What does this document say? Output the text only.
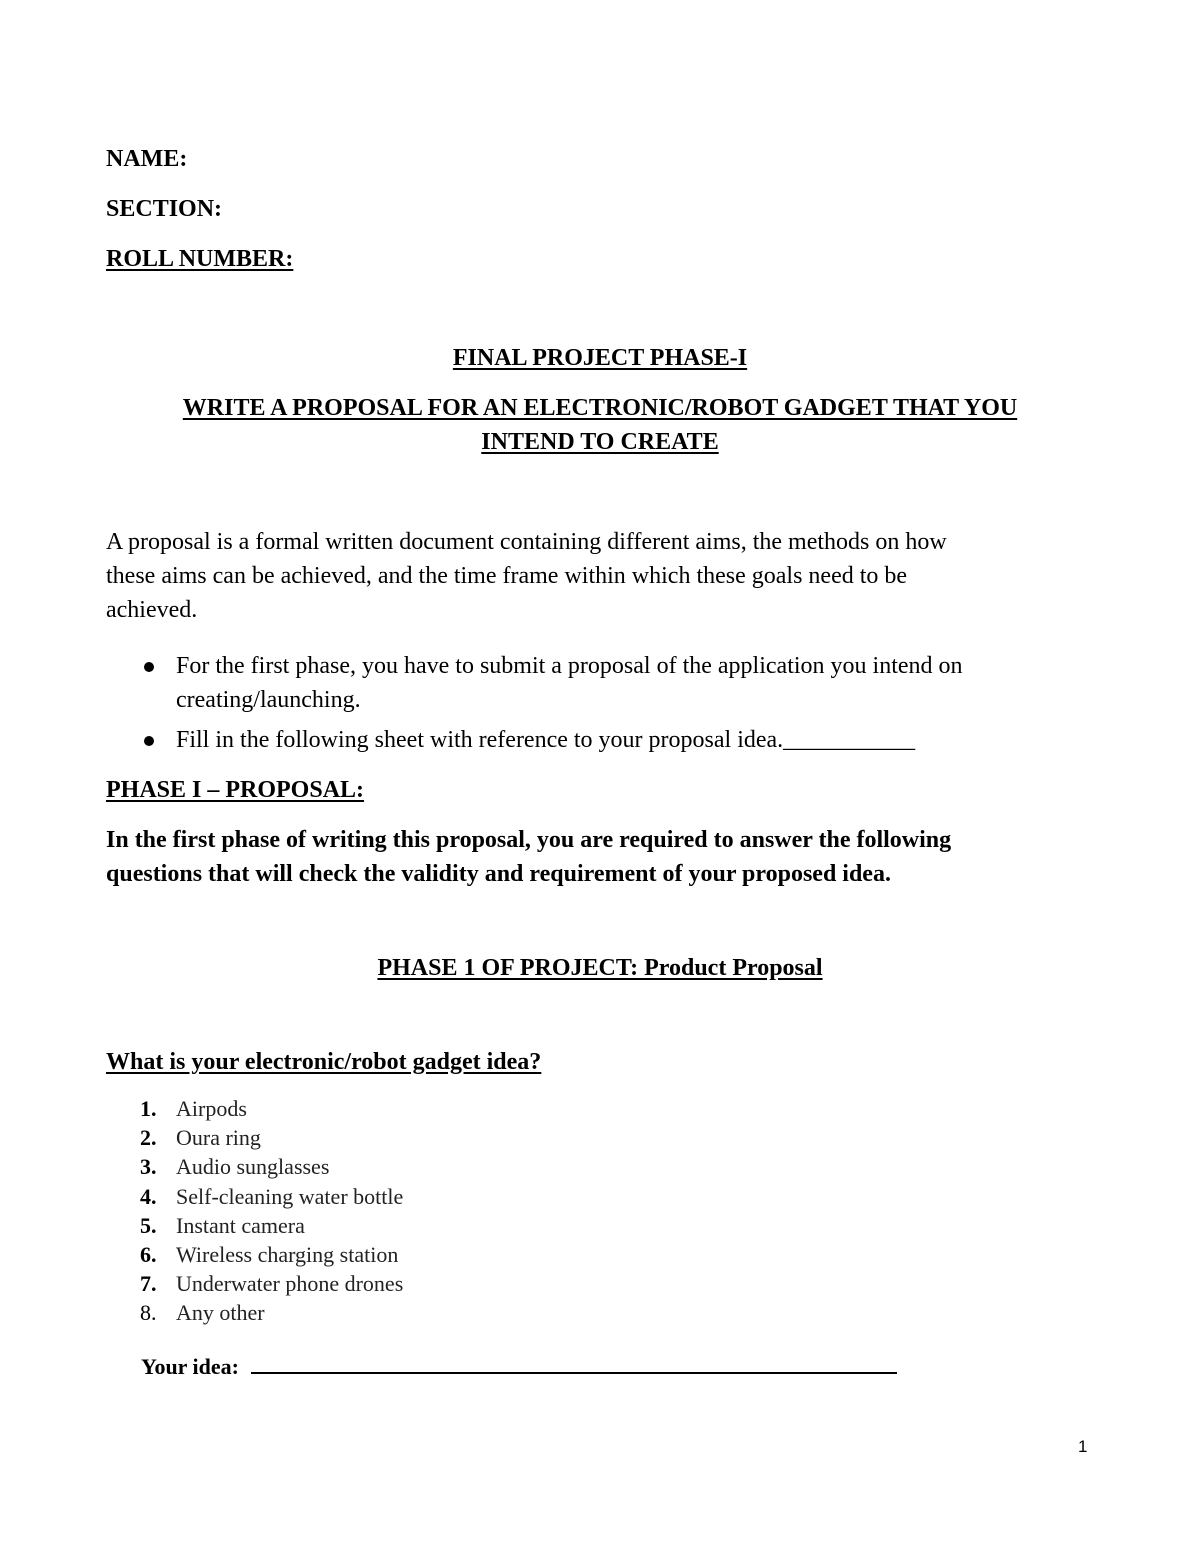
NAME:
SECTION:
ROLL NUMBER:
FINAL PROJECT PHASE-I
WRITE A PROPOSAL FOR AN ELECTRONIC/ROBOT GADGET THAT YOU
INTEND TO CREATE
A proposal is a formal written document containing different aims, the methods on how
these aims can be achieved, and the time frame within which these goals need to be
achieved.
For the first phase, you have to submit a proposal of the application you intend on
creating/launching.
Fill in the following sheet with reference to your proposal idea.___________
PHASE I – PROPOSAL:
In the first phase of writing this proposal, you are required to answer the following
questions that will check the validity and requirement of your proposed idea.
PHASE 1 OF PROJECT: Product Proposal
What is your electronic/robot gadget idea?
1. Airpods
2. Oura ring
3. Audio sunglasses
4. Self-cleaning water bottle
5. Instant camera
6. Wireless charging station
7. Underwater phone drones
8. Any other
Your idea:
1
